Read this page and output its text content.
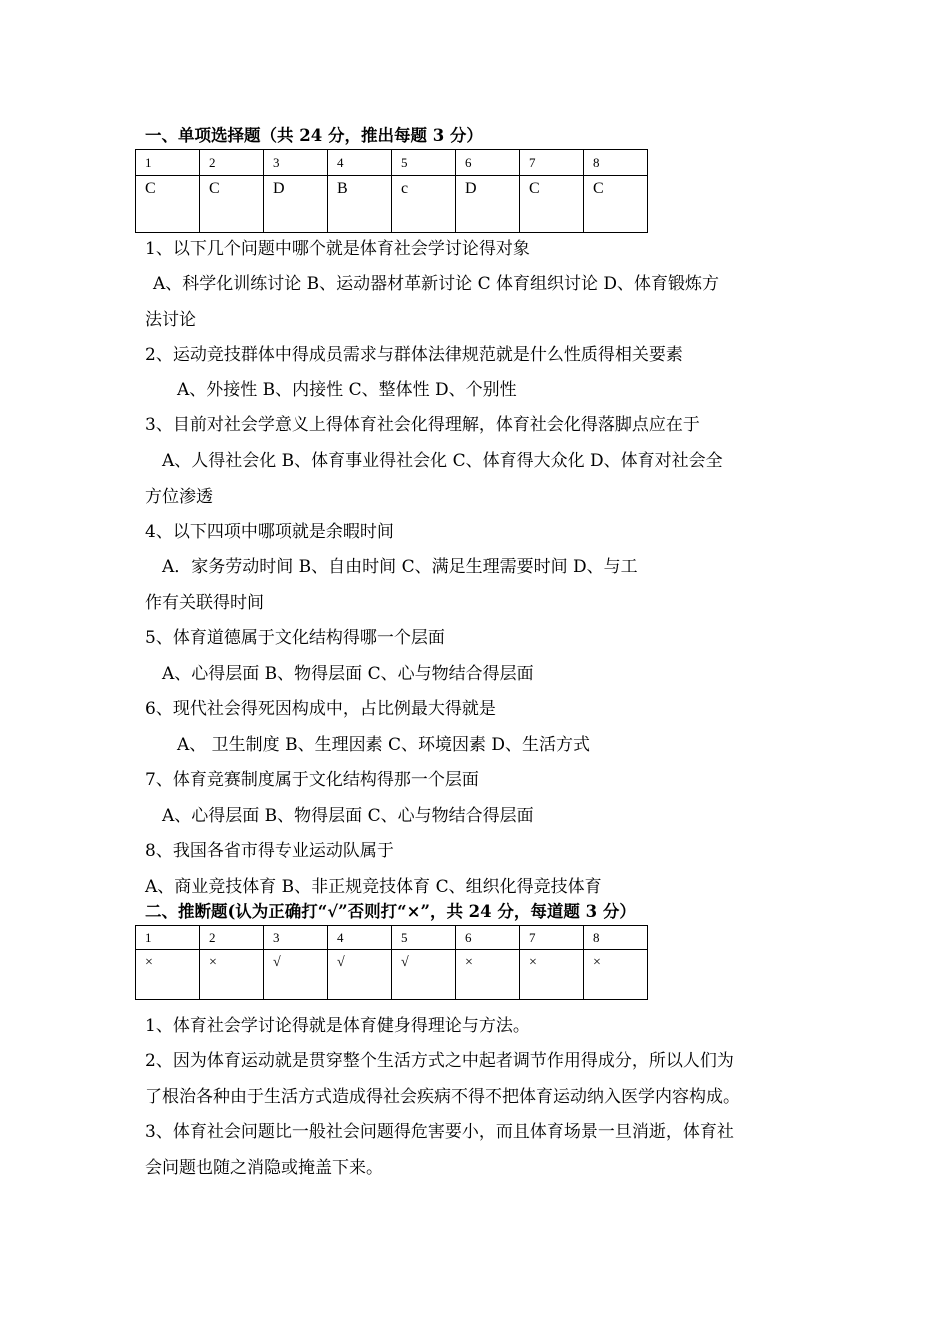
一、单项选择题（共 24 分，推出每题 3 分）
1	2	3	4	5	6	7	8
C	C	D	B	c	D	C	C
1、以下几个问题中哪个就是体育社会学讨论得对象
A、科学化训练讨论 B、运动器材革新讨论 C 体育组织讨论 D、体育锻炼方
法讨论
2、运动竞技群体中得成员需求与群体法律规范就是什么性质得相关要素
A、外接性 B、内接性 C、整体性 D、个别性
3、目前对社会学意义上得体育社会化得理解，体育社会化得落脚点应在于
A、人得社会化 B、体育事业得社会化 C、体育得大众化 D、体育对社会全
方位渗透
4、以下四项中哪项就是余暇时间
A．家务劳动时间 B、自由时间 C、满足生理需要时间 D、与工
作有关联得时间
5、体育道德属于文化结构得哪一个层面
A、心得层面 B、物得层面 C、心与物结合得层面
6、现代社会得死因构成中，占比例最大得就是
A、 卫生制度 B、生理因素 C、环境因素 D、生活方式
7、体育竞赛制度属于文化结构得那一个层面
A、心得层面 B、物得层面 C、心与物结合得层面
8、我国各省市得专业运动队属于
A、商业竞技体育 B、非正规竞技体育 C、组织化得竞技体育
二、推断题(认为正确打“√”否则打“×”，共 24 分，每道题 3 分）
1	2	3	4	5	6	7	8
×	×	√	√	√	×	×	×
1、体育社会学讨论得就是体育健身得理论与方法。
2、因为体育运动就是贯穿整个生活方式之中起者调节作用得成分，所以人们为
了根治各种由于生活方式造成得社会疾病不得不把体育运动纳入医学内容构成。
3、体育社会问题比一般社会问题得危害要小，而且体育场景一旦消逝，体育社
会问题也随之消隐或掩盖下来。
